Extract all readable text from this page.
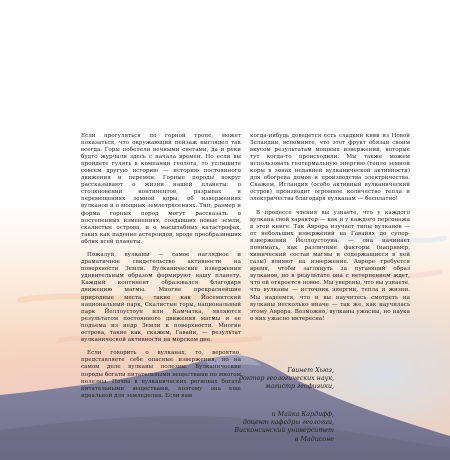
Если прогуляться по горной тропе, может показаться, что окружающий пейзаж выглядел так всегда. Горы побелели вечными снегами, да и реки будто журчали здесь с начала времен. Но если вы пройдете гулять в компании геолога, то услышите совсем другую историю — историю постоянного движения и перемен. Горные породы вокруг рассказывают о жизни нашей планеты: о столкновении континентов, разрывах и перемещениях земной коры, об извержениях вулканов и о мощных землетрясениях. Тип, размер и форма горных пород могут рассказать о постепенных изменениях, создавших новые земли, скалистые острова, и о масштабных катастрофах, таких как падение астероидов, вроде преобразивших облик всей планеты.

Пожалуй, вулканы — самое наглядное и драматичное свидетельство активности на поверхности Земли. Вулканические извержения удивительным образом формируют нашу планету. Каждый континент образовался благодаря движению магмы. Многие прекраснейшие природные места, такие как Йосемитский национальный парк, Скалистые горы, национальный парк Йеллоустоун или Камчатка, являются результатом постоянного движения магмы и ее подъема из недр Земли к поверхности. Многие острова, такие как, скажем, Гавайи, — результат вулканической активности на морском дне.

Если говорить о вулканах, то, вероятно, представляете себе опасные извержения, но на самом деле вулканы полезны. Вулканические породы богаты питательными веществами по многом полезны. Почва в вулканических регионах богата питательными веществами, поэтому она еще идеальной для земледелия. Если вам

когда-нибудь доведется есть сладкий киви из Новой Зеландии, вспомните, что этот фрукт обязан своим вкусом результатам мощных извержений, которые тут когда-то происходили. Мы также можем использовать геотермальную энергию (тепло земной коры в зонах недавней вулканической активности) для обогрева домов и производства электричества. Скажем, Исландия (особо активный вулканический остров) производит огромное количество тепла и электричества благодаря вулканам — бесплатно!

В процессе чтения вы узнаете, что у каждого вулкана свой характер — как и у каждого персонажа в этой книге. Так Аврора изучает типы вулканов — от небольших извержений на Гавайях до суперизвержений Йеллоустоуна, — она начинает понимать, как различные факторы (например, химический состав магмы и содержащиеся в ней газы) влияют на извержение. Авроре требуется время, чтобы заглянуть за пугающий образ вулканов, но в результате она с нетерпением ждет, что ей откроется новое. Мы уверены, что вы узнаете, что вулканы — источник энергии, тепла и жизни. Мы надеемся, что и вы научитесь смотреть на вулканы несколько иначе — так же, как научилась этому Аврора. Возможно, вулканы ужасны, но наука о них ужасно интересна!

Гвинет Хьюз,
доктор геологических наук,
магистр геофизики,
и Майка Кардифф,
доцент кафедры геологии,
Висконсинский университет
в Мадисоне
